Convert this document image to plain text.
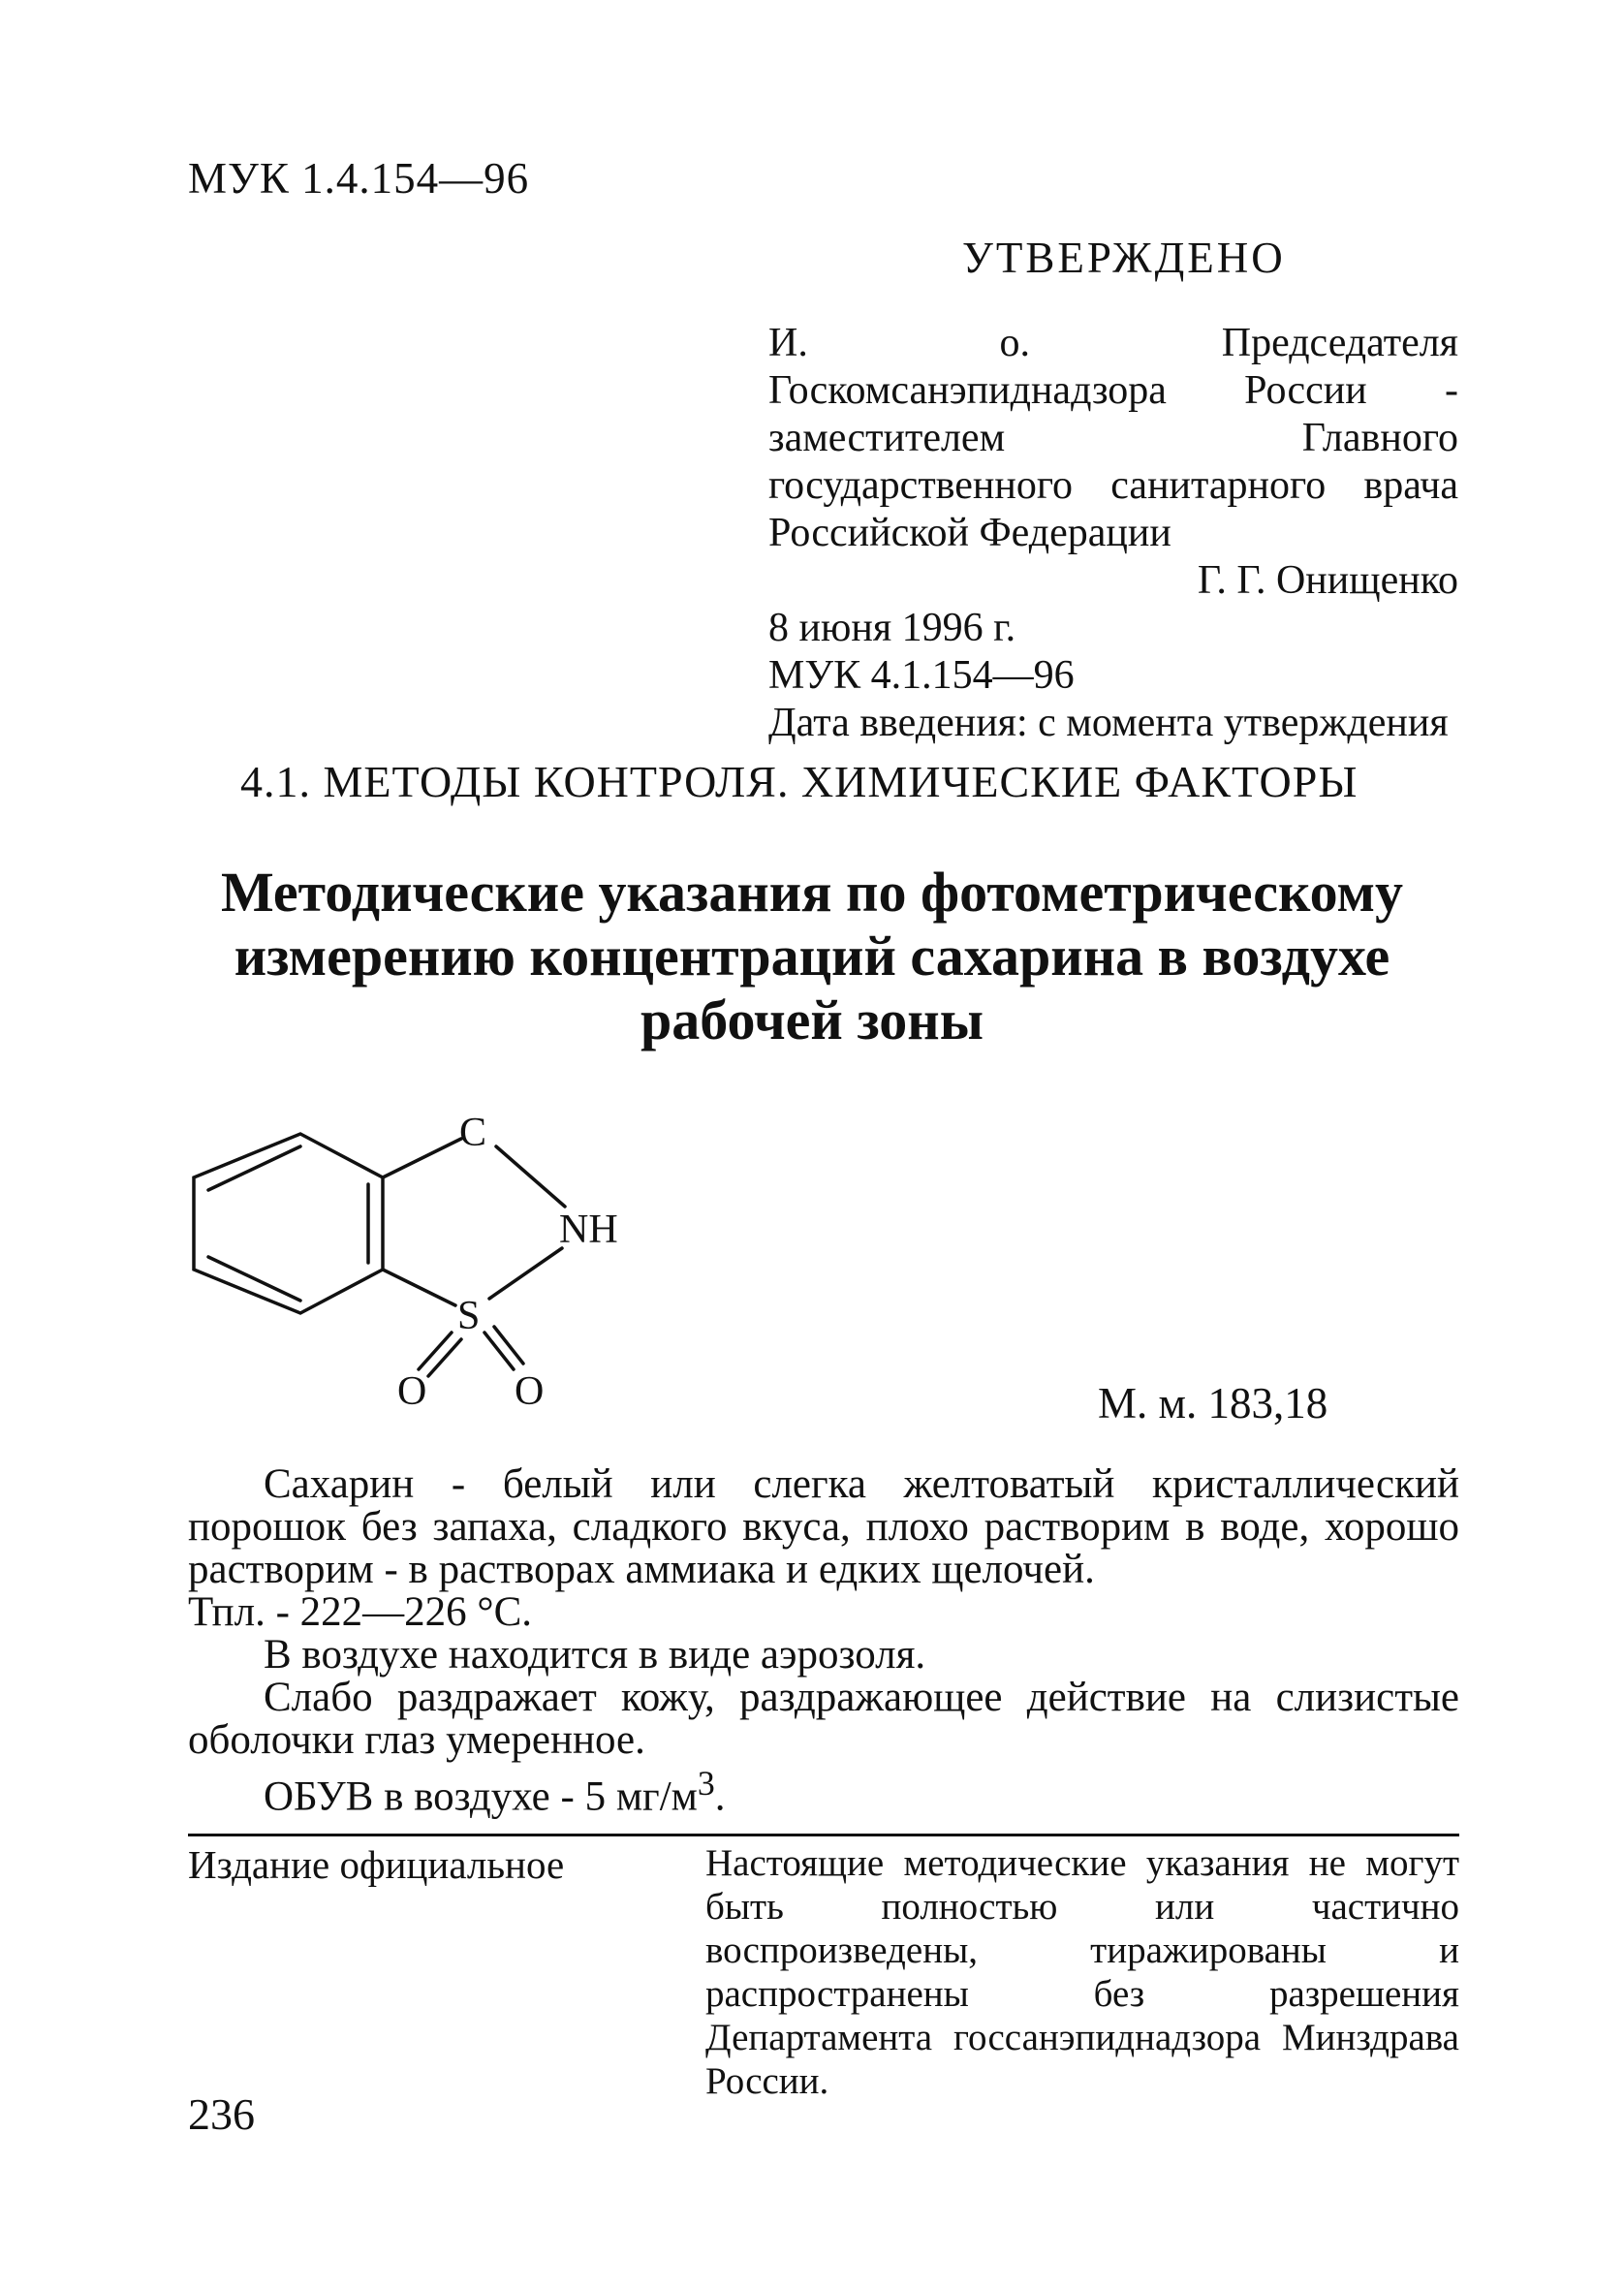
МУК 1.4.154—96
УТВЕРЖДЕНО
И. о. Председателя Госкомсанэпиднадзора России - заместителем Главного государственного санитарного врача Российской Федерации
Г. Г. Онищенко
8 июня 1996 г.
МУК 4.1.154—96
Дата введения: с момента утверждения
4.1. МЕТОДЫ КОНТРОЛЯ. ХИМИЧЕСКИЕ ФАКТОРЫ
Методические указания по фотометрическому измерению концентраций сахарина в воздухе рабочей зоны
C
NH
S
O O	М. м. 183,18

Сахарин - белый или слегка желтоватый кристаллический порошок без запаха, сладкого вкуса, плохо растворим в воде, хорошо растворим - в растворах аммиака и едких щелочей.

Тпл. - 222—226 °С.

В воздухе находится в виде аэрозоля.

Слабо раздражает кожу, раздражающее действие на слизистые оболочки глаз умеренное.

ОБУВ в воздухе - 5 $мг/м^3$.

Издание официальное	Настоящие методические указания не могут быть полностью или частично воспроизведены, тиражированы и распространены без разрешения Департамента госсанэпиднадзора Минздрава России.
236
